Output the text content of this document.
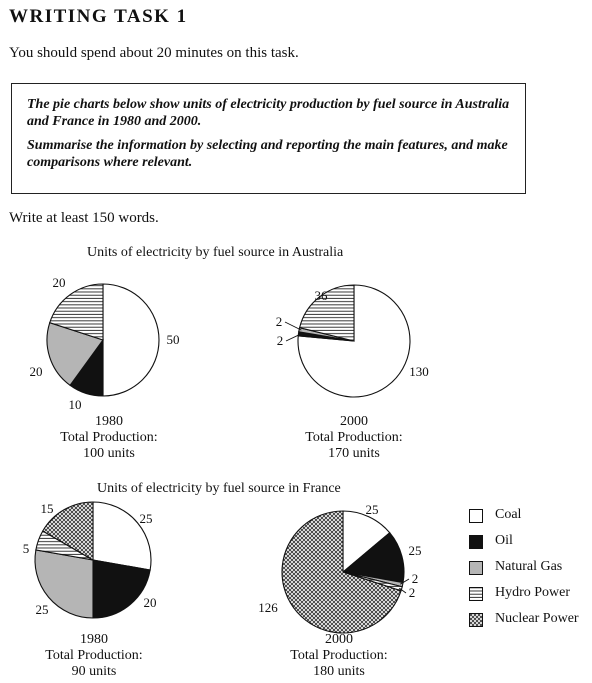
WRITING TASK 1
You should spend about 20 minutes on this task.

The pie charts below show units of electricity production by fuel source in Australia and France in 1980 and 2000.

Summarise the information by selecting and reporting the main features, and make comparisons where relevant.

Write at least 150 words.
Units of electricity by fuel source in Australia
Units of electricity by fuel source in France
50
10
20
20
130
2
2
36
25
20
25
5
15	25
25
2
2
126
1980
Total Production:
100 units
2000
Total Production:
170 units
1980
Total Production:
90 units
2000
Total Production:
180 units
Coal
Oil
Natural Gas
Hydro Power
Nuclear Power
